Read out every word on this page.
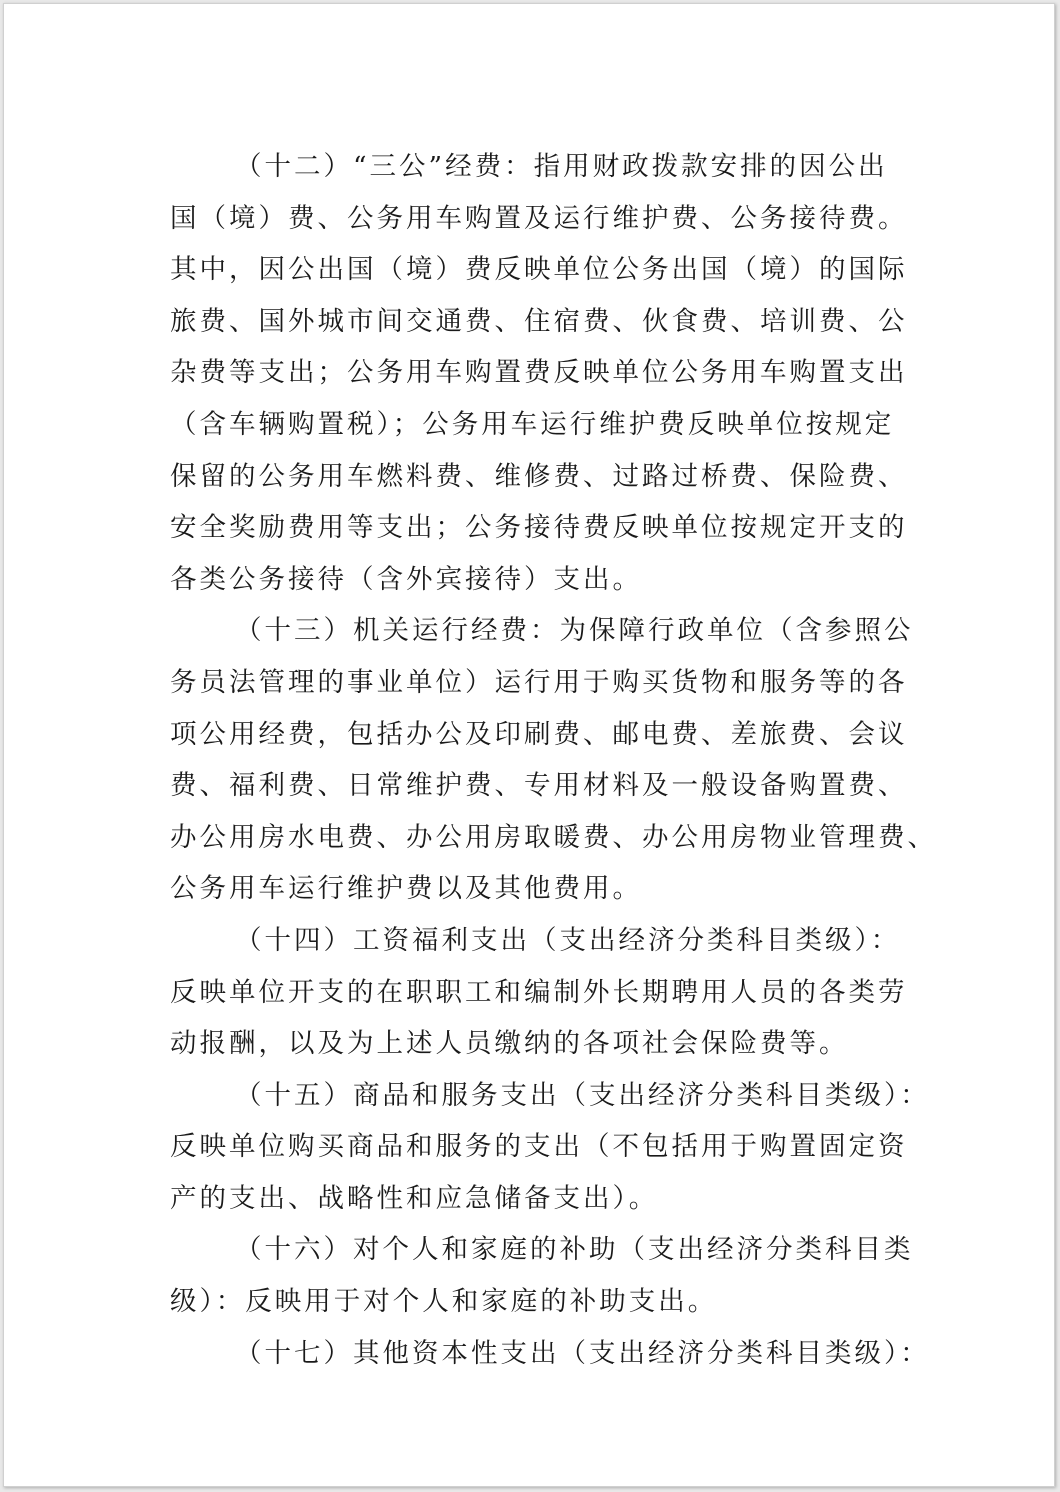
（十二）“三公”经费：指用财政拨款安排的因公出
国（境）费、公务用车购置及运行维护费、公务接待费。
其中，因公出国（境）费反映单位公务出国（境）的国际
旅费、国外城市间交通费、住宿费、伙食费、培训费、公
杂费等支出；公务用车购置费反映单位公务用车购置支出
（含车辆购置税）；公务用车运行维护费反映单位按规定
保留的公务用车燃料费、维修费、过路过桥费、保险费、
安全奖励费用等支出；公务接待费反映单位按规定开支的
各类公务接待（含外宾接待）支出。
（十三）机关运行经费：为保障行政单位（含参照公
务员法管理的事业单位）运行用于购买货物和服务等的各
项公用经费，包括办公及印刷费、邮电费、差旅费、会议
费、福利费、日常维护费、专用材料及一般设备购置费、
办公用房水电费、办公用房取暖费、办公用房物业管理费、
公务用车运行维护费以及其他费用。
（十四）工资福利支出（支出经济分类科目类级）：
反映单位开支的在职职工和编制外长期聘用人员的各类劳
动报酬，以及为上述人员缴纳的各项社会保险费等。
（十五）商品和服务支出（支出经济分类科目类级）：
反映单位购买商品和服务的支出（不包括用于购置固定资
产的支出、战略性和应急储备支出）。
（十六）对个人和家庭的补助（支出经济分类科目类
级）：反映用于对个人和家庭的补助支出。
（十七）其他资本性支出（支出经济分类科目类级）：
